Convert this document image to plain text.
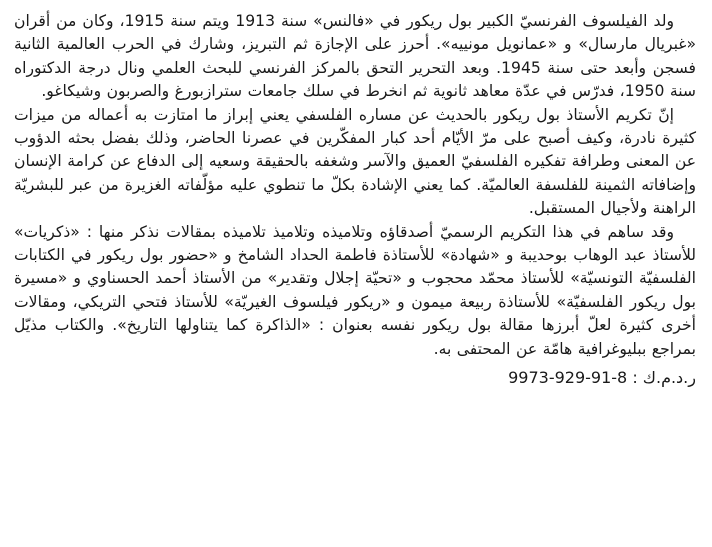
ولد الفيلسوف الفرنسيّ الكبير بول ريكور في «فالنس» سنة 1913 ويتم سنة 1915، وكان من أقران «غبريال مارسال» و «عمانويل مونييه». أحرز على الإجازة ثم التبريز، وشارك في الحرب العالمية الثانية فسجن وأبعد حتى سنة 1945. وبعد التحرير التحق بالمركز الفرنسي للبحث العلمي ونال درجة الدكتوراه سنة 1950، فدرّس في عدّة معاهد ثانوية ثم انخرط في سلك جامعات سترازبورغ والصربون وشيكاغو.

إنّ تكريم الأستاذ بول ريكور بالحديث عن مساره الفلسفي يعني إبراز ما امتازت به أعماله من ميزات كثيرة نادرة، وكيف أصبح على مرّ الأيّام أحد كبار المفكّرين في عصرنا الحاضر، وذلك بفضل بحثه الدؤوب عن المعنى وطرافة تفكيره الفلسفيّ العميق والآسر وشغفه بالحقيقة وسعيه إلى الدفاع عن كرامة الإنسان وإضافاته الثمينة للفلسفة العالميّة. كما يعني الإشادة بكلّ ما تنطوي عليه مؤلّفاته الغزيرة من عبر للبشريّة الراهنة ولأجيال المستقبل.

وقد ساهم في هذا التكريم الرسميّ أصدقاؤه وتلاميذه وتلاميذ تلاميذه بمقالات نذكر منها : «ذكريات» للأستاذ عبد الوهاب بوحديبة و «شهادة» للأستاذة فاطمة الحداد الشامخ و «حضور بول ريكور في الكتابات الفلسفيّة التونسيّة» للأستاذ محمّد محجوب و «تحيّة إجلال وتقدير» من الأستاذ أحمد الحسناوي و «مسيرة بول ريكور الفلسفيّة» للأستاذة ربيعة ميمون و «ريكور فيلسوف الغيريّة» للأستاذ فتحي التريكي، ومقالات أخرى كثيرة لعلّ أبرزها مقالة بول ريكور نفسه بعنوان : «الذاكرة كما يتناولها التاريخ». والكتاب مذيّل بمراجع ببليوغرافية هامّة عن المحتفى به.

ر.د.م.ك : 9973-929-91-8
